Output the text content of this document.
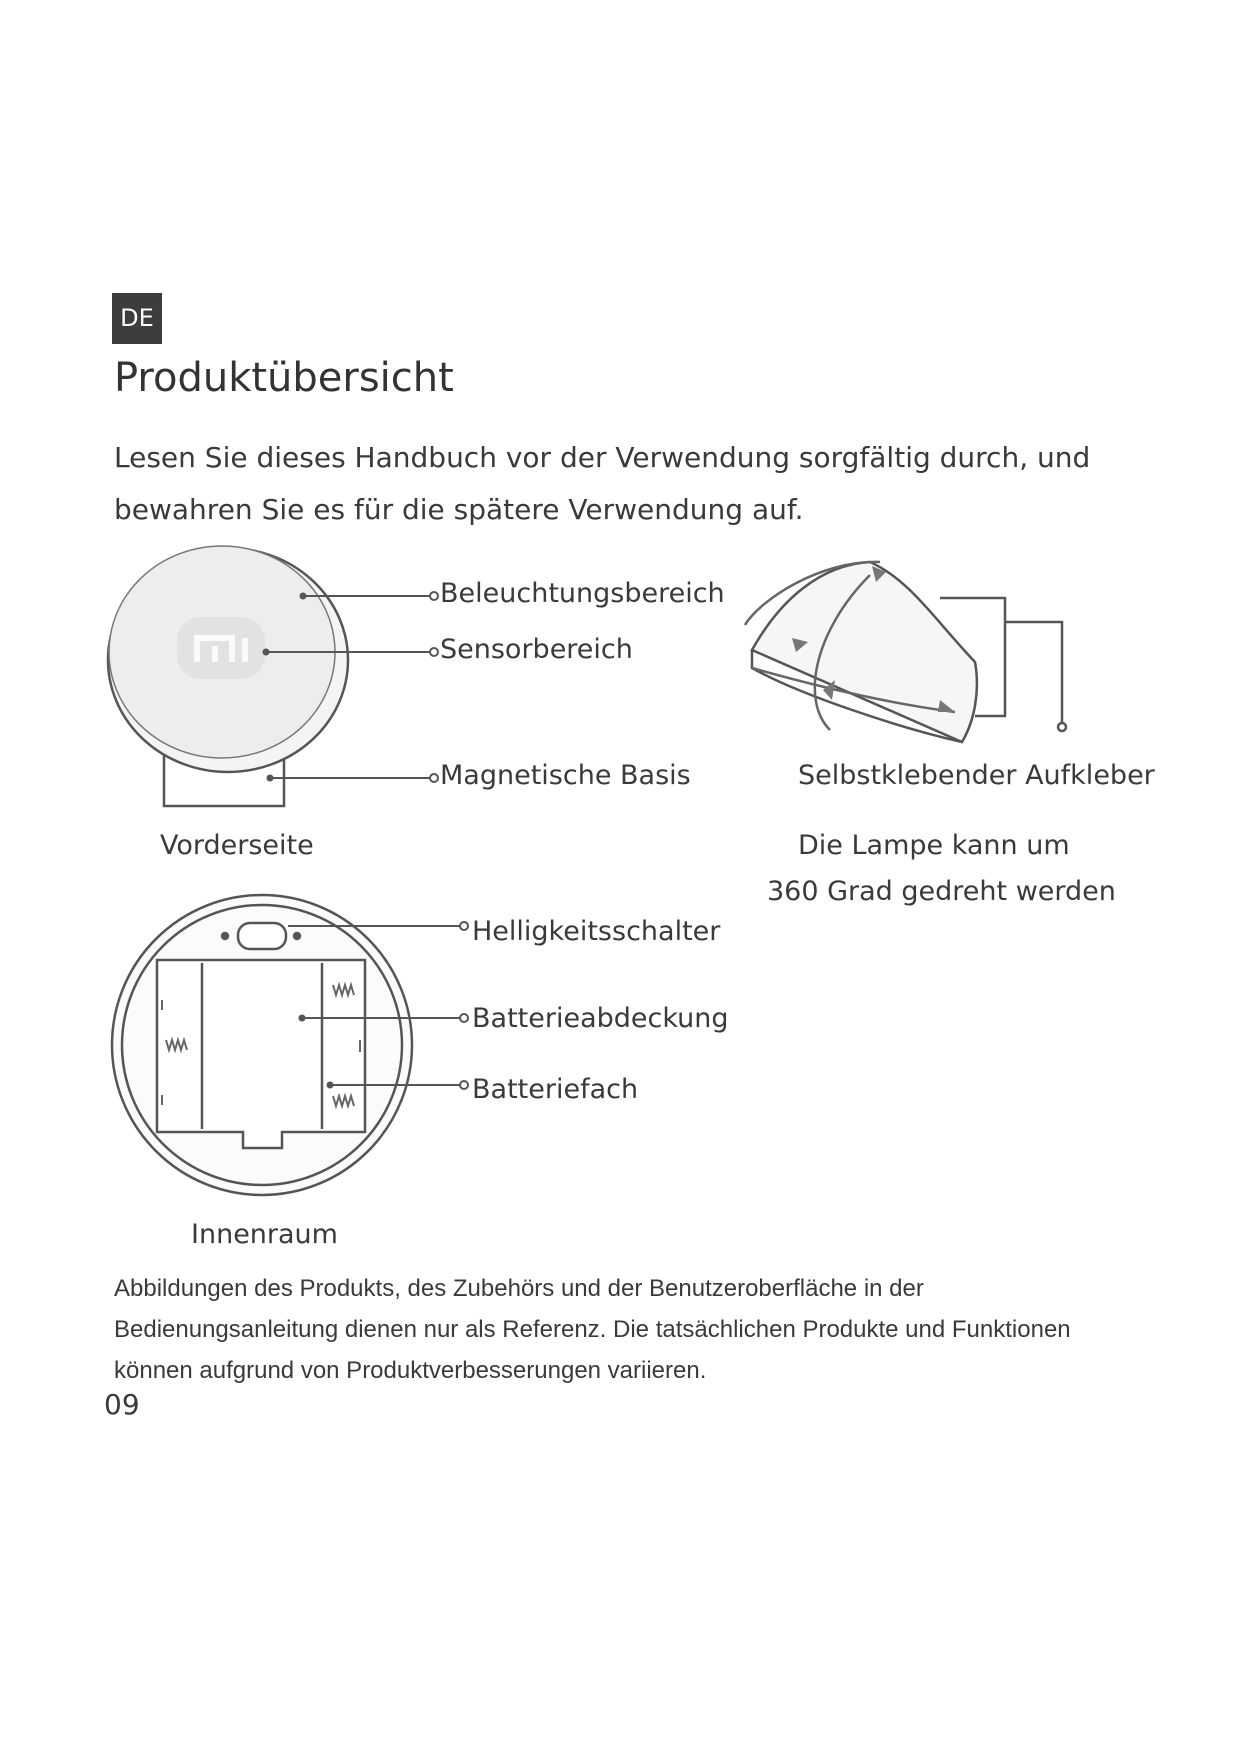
DE
Produktübersicht
Lesen Sie dieses Handbuch vor der Verwendung sorgfältig durch, und
bewahren Sie es für die spätere Verwendung auf.
Beleuchtungsbereich
Sensorbereich
Magnetische Basis
Vorderseite
Selbstklebender Aufkleber
Die Lampe kann um
360 Grad gedreht werden
Helligkeitsschalter
Batterieabdeckung
Batteriefach
Innenraum
Abbildungen des Produkts, des Zubehörs und der Benutzeroberfläche in der
Bedienungsanleitung dienen nur als Referenz. Die tatsächlichen Produkte und Funktionen
können aufgrund von Produktverbesserungen variieren.
09
